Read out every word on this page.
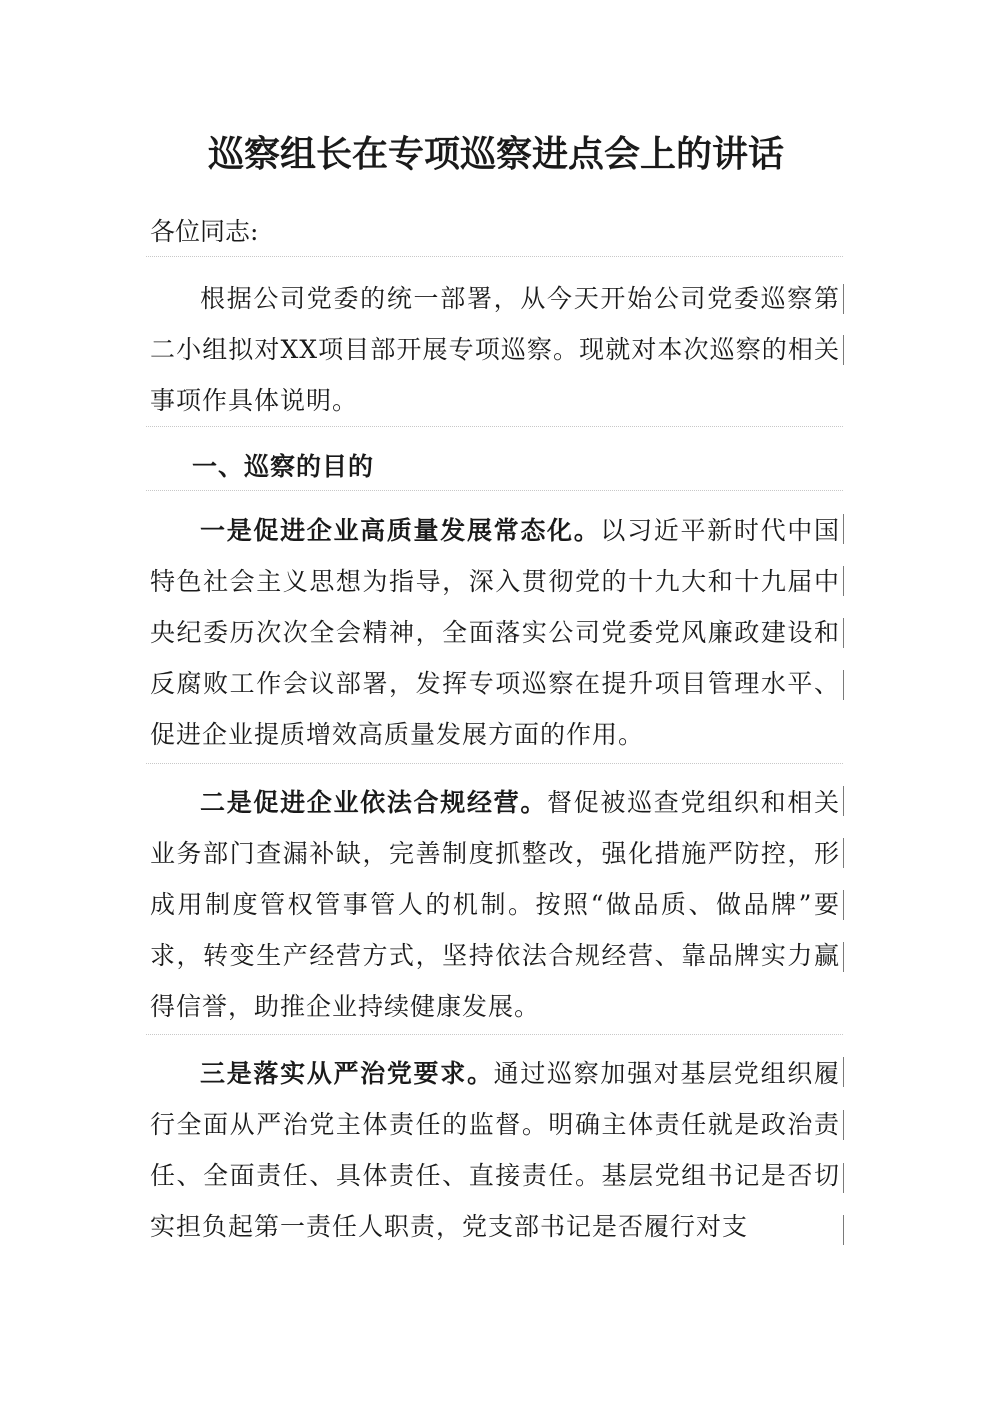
巡察组长在专项巡察进点会上的讲话

各位同志:

根据公司党委的统一部署，从今天开始公司党委巡察第二小组拟对XX项目部开展专项巡察。现就对本次巡察的相关事项作具体说明。

一、巡察的目的

一是促进企业高质量发展常态化。以习近平新时代中国特色社会主义思想为指导，深入贯彻党的十九大和十九届中央纪委历次次全会精神，全面落实公司党委党风廉政建设和反腐败工作会议部署，发挥专项巡察在提升项目管理水平、促进企业提质增效高质量发展方面的作用。

二是促进企业依法合规经营。督促被巡查党组织和相关业务部门查漏补缺，完善制度抓整改，强化措施严防控，形成用制度管权管事管人的机制。按照“做品质、做品牌”要求，转变生产经营方式，坚持依法合规经营、靠品牌实力赢得信誉，助推企业持续健康发展。

三是落实从严治党要求。通过巡察加强对基层党组织履行全面从严治党主体责任的监督。明确主体责任就是政治责任、全面责任、具体责任、直接责任。基层党组书记是否切实担负起第一责任人职责，党支部书记是否履行对支
